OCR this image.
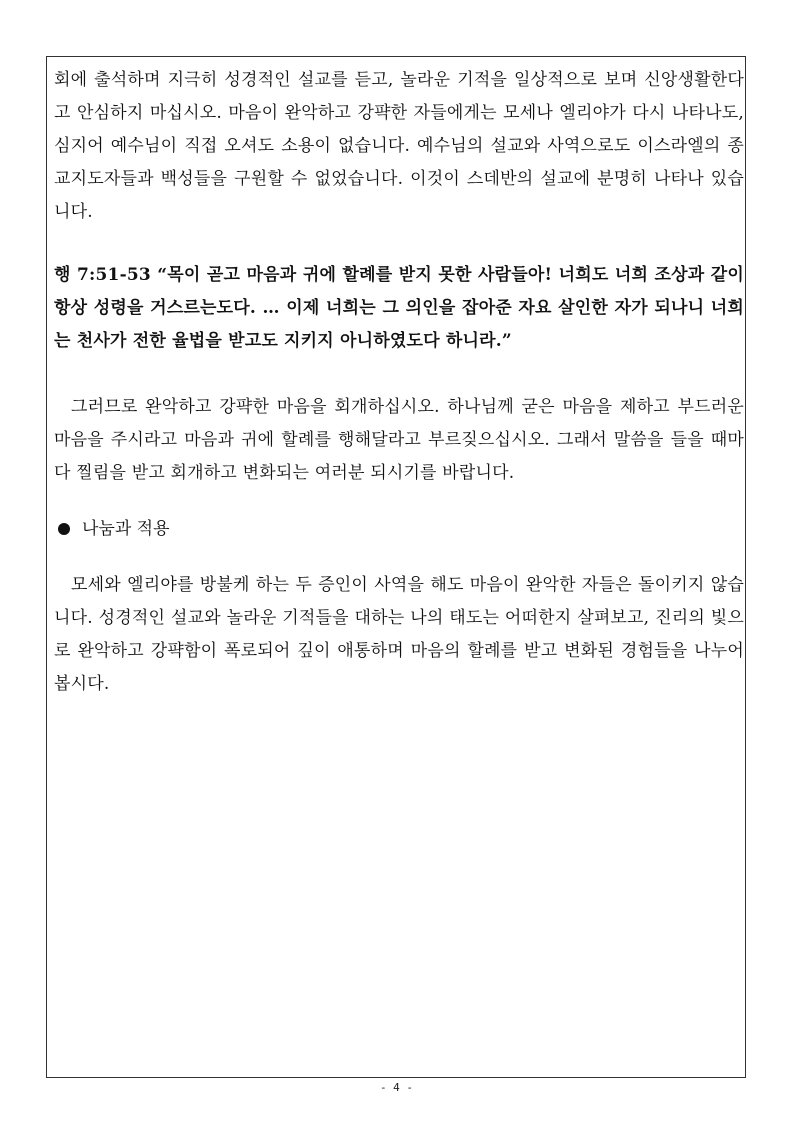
회에 출석하며 지극히 성경적인 설교를 듣고, 놀라운 기적을 일상적으로 보며 신앙생활한다고 안심하지 마십시오. 마음이 완악하고 강퍅한 자들에게는 모세나 엘리야가 다시 나타나도, 심지어 예수님이 직접 오셔도 소용이 없습니다. 예수님의 설교와 사역으로도 이스라엘의 종교지도자들과 백성들을 구원할 수 없었습니다. 이것이 스데반의 설교에 분명히 나타나 있습니다.

행 7:51-53 “목이 곧고 마음과 귀에 할례를 받지 못한 사람들아! 너희도 너희 조상과 같이 항상 성령을 거스르는도다. … 이제 너희는 그 의인을 잡아준 자요 살인한 자가 되나니 너희는 천사가 전한 율법을 받고도 지키지 아니하였도다 하니라.”

그러므로 완악하고 강퍅한 마음을 회개하십시오. 하나님께 굳은 마음을 제하고 부드러운 마음을 주시라고 마음과 귀에 할례를 행해달라고 부르짖으십시오. 그래서 말씀을 들을 때마다 찔림을 받고 회개하고 변화되는 여러분 되시기를 바랍니다.

나눔과 적용

모세와 엘리야를 방불케 하는 두 증인이 사역을 해도 마음이 완악한 자들은 돌이키지 않습니다. 성경적인 설교와 놀라운 기적들을 대하는 나의 태도는 어떠한지 살펴보고, 진리의 빛으로 완악하고 강퍅함이 폭로되어 깊이 애통하며 마음의 할례를 받고 변화된 경험들을 나누어 봅시다.

- 4 -
